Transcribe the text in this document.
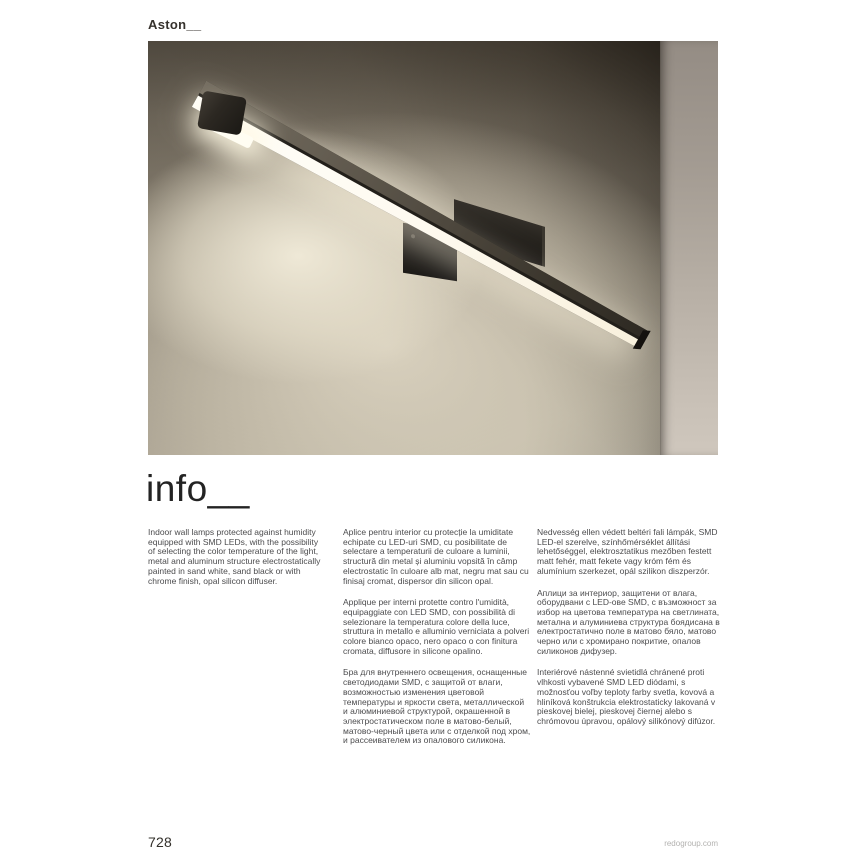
Aston__
info__

Indoor wall lamps protected against humidity equipped with SMD LEDs, with the possibility of selecting the color temperature of the light, metal and aluminum structure electrostatically painted in sand white, sand black or with chrome finish, opal silicon diffuser.

Aplice pentru interior cu protecție la umiditate echipate cu LED-uri SMD, cu posibilitate de selectare a temperaturii de culoare a luminii, structură din metal și aluminiu vopsită în câmp electrostatic în culoare alb mat, negru mat sau cu finisaj cromat, dispersor din silicon opal.

Applique per interni protette contro l'umidità, equipaggiate con LED SMD, con possibilità di selezionare la temperatura colore della luce, struttura in metallo e alluminio verniciata a polveri colore bianco opaco, nero opaco o con finitura cromata, diffusore in silicone opalino.

Бра для внутреннего освещения, оснащенные светодиодами SMD, с защитой от влаги, возможностью изменения цветовой температуры и яркости света, металлической и алюминиевой структурой, окрашенной в электростатическом поле в матово-белый, матово-черный цвета или с отделкой под хром, и рассеивателем из опалового силикона.

Nedvesség ellen védett beltéri fali lámpák, SMD LED-el szerelve, színhőmérséklet állítási lehetőséggel, elektrosztatikus mezőben festett matt fehér, matt fekete vagy króm fém és alumínium szerkezet, opál szilikon diszperzór.

Аплици за интериор, защитени от влага, оборудвани с LED-ове SMD, с възможност за избор на цветова температура на светлината, метална и алуминиева структура боядисана в електростатично поле в матово бяло, матово черно или с хромирано покритие, опалов силиконов дифузер.

Interiérové nástenné svietidlá chránené proti vlhkosti vybavené SMD LED diódami, s možnosťou voľby teploty farby svetla, kovová a hliníková konštrukcia elektrostaticky lakovaná v pieskovej bielej, pieskovej čiernej alebo s chrómovou úpravou, opálový silikónový difúzor.

728	redogroup.com
